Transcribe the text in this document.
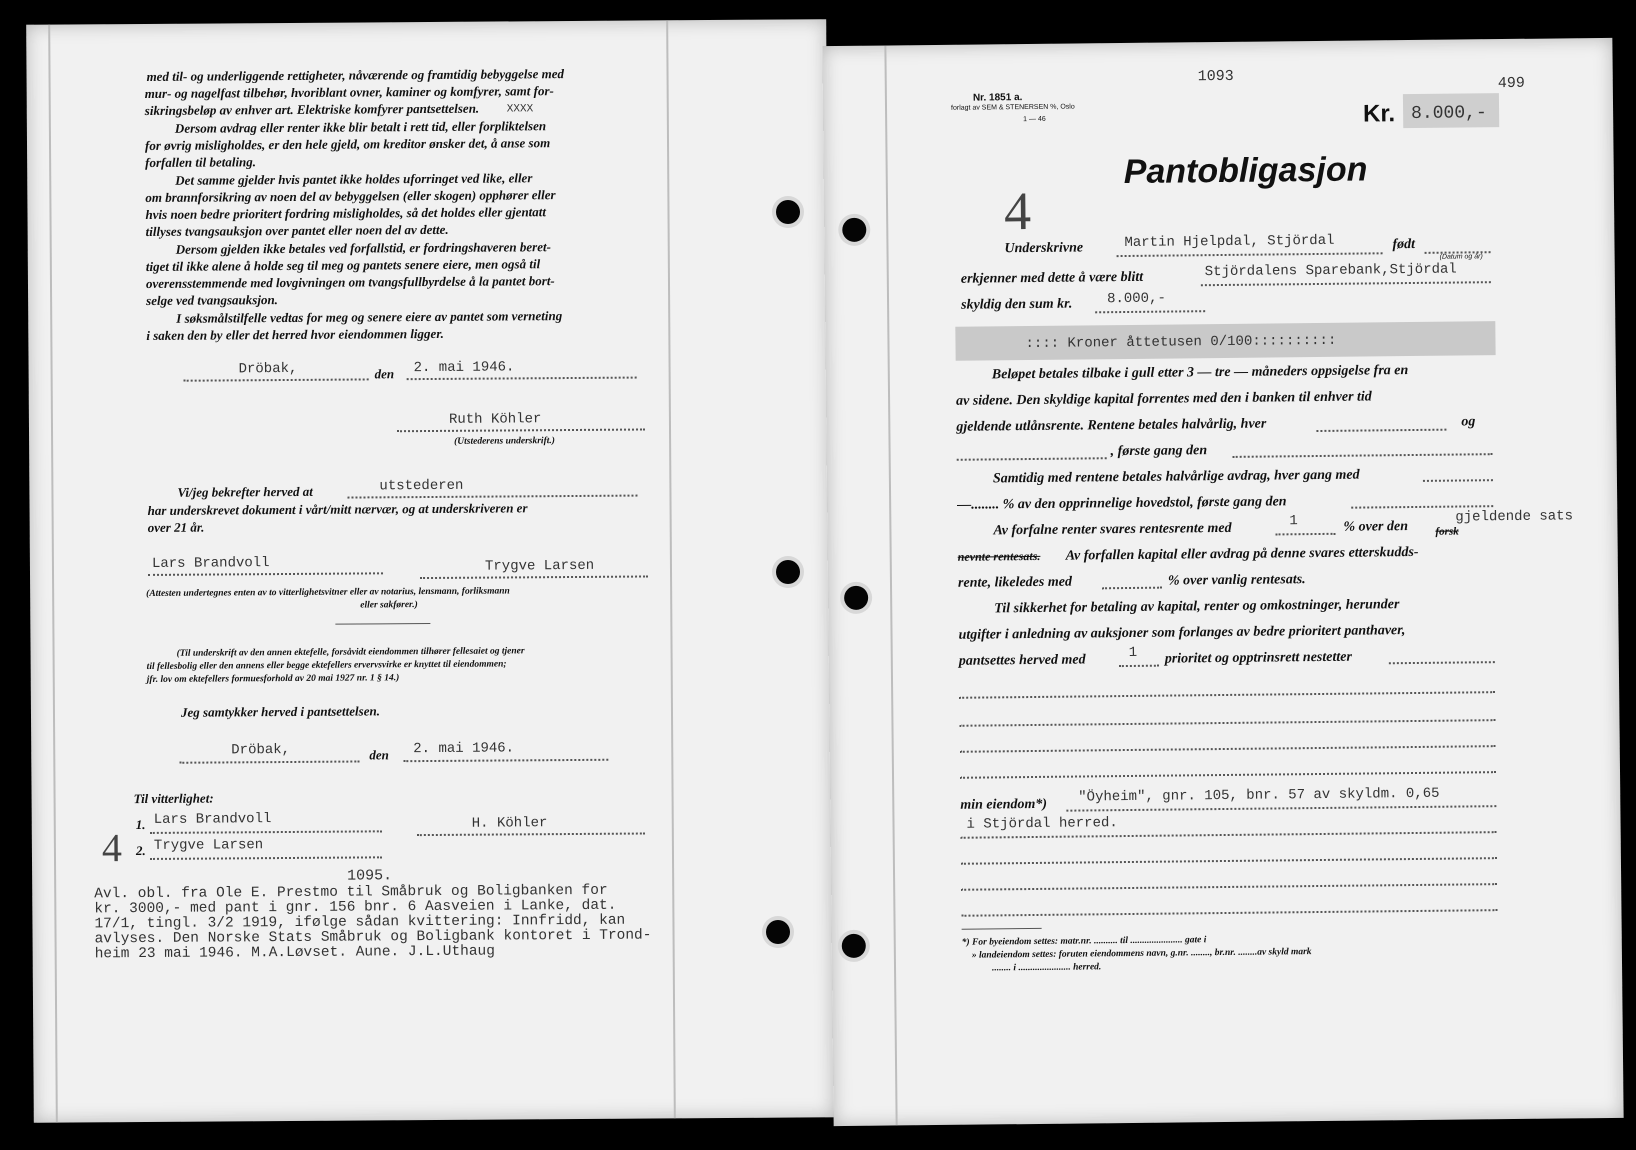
med til- og underliggende rettigheter, nåværende og framtidig bebyggelse med
mur- og nagelfast tilbehør, hvoriblant ovner, kaminer og komfyrer, samt for-
sikringsbeløp av enhver art. Elektriske komfyrer pantsettelsen.	XXXX
Dersom avdrag eller renter ikke blir betalt i rett tid, eller forpliktelsen
for øvrig misligholdes, er den hele gjeld, om kreditor ønsker det, å anse som
forfallen til betaling.
Det samme gjelder hvis pantet ikke holdes uforringet ved like, eller
om brannforsikring av noen del av bebyggelsen (eller skogen) opphører eller
hvis noen bedre prioritert fordring misligholdes, så det holdes eller gjentatt
tillyses tvangsauksjon over pantet eller noen del av dette.
Dersom gjelden ikke betales ved forfallstid, er fordringshaveren beret-
tiget til ikke alene å holde seg til meg og pantets senere eiere, men også til
overensstemmende med lovgivningen om tvangsfullbyrdelse å la pantet bort-
selge ved tvangsauksjon.
I søksmålstilfelle vedtas for meg og senere eiere av pantet som verneting
i saken den by eller det herred hvor eiendommen ligger.
Dröbak,	den 2. mai 1946.
Ruth Köhler
(Utstederens underskrift.)
Vi/jeg bekrefter herved at	utstederen
har underskrevet dokument i vårt/mitt nærvær, og at underskriveren er
over 21 år.
Lars Brandvoll	Trygve Larsen
(Attesten undertegnes enten av to vitterlighetsvitner eller av notarius, lensmann, forliksmann
eller sakfører.)
(Til underskrift av den annen ektefelle, forsåvidt eiendommen tilhører fellesaiet og tjener
til fellesbolig eller den annens eller begge ektefellers ervervsvirke er knyttet til eiendommen;
jfr. lov om ektefellers formuesforhold av 20 mai 1927 nr. 1 § 14.)
Jeg samtykker herved i pantsettelsen.
Dröbak,	den 2. mai 1946.
Til vitterlighet:
1. Lars Brandvoll	H. Köhler
2. Trygve Larsen
4
1095.
Avl. obl. fra Ole E. Prestmo til Småbruk og Boligbanken for
kr. 3000,- med pant i gnr. 156 bnr. 6 Aasveien i Lanke, dat.
17/1, tingl. 3/2 1919, ifølge sådan kvittering: Innfridd, kan
avlyses. Den Norske Stats Småbruk og Boligbank kontoret i Trond-
heim 23 mai 1946. M.A.Løvset. Aune. J.L.Uthaug
Nr. 1851 a.
forlagt av SEM & STENERSEN %, Oslo
1 — 46
1093	499
Kr. 8.000,-
Pantobligasjon
4
Underskrivne	Martin Hjelpdal, Stjördal	født
(Datum og år)
erkjenner med dette å være blitt	Stjördalens Sparebank,Stjördal
skyldig den sum kr. 8.000,-
:::: Kroner åttetusen 0/100::::::::::
Beløpet betales tilbake i gull etter 3 — tre — måneders oppsigelse fra en
av sidene. Den skyldige kapital forrentes med den i banken til enhver tid
gjeldende utlånsrente. Rentene betales halvårlig, hver	og
, første gang den
Samtidig med rentene betales halvårlige avdrag, hver gang med
—........ % av den opprinnelige hovedstol, første gang den
Av forfalne renter svares rentesrente med	1	% over den forsk
gjeldende sats
nevnte rentesats. Av forfallen kapital eller avdrag på denne svares etterskudds-
rente, likeledes med	% over vanlig rentesats.
Til sikkerhet for betaling av kapital, renter og omkostninger, herunder
utgifter i anledning av auksjoner som forlanges av bedre prioritert panthaver,
pantsettes herved med	1 prioritet og opptrinsrett nestetter
min eiendom*) "Öyheim", gnr. 105, bnr. 57 av skyldm. 0,65
i Stjördal herred.
*) For byeiendom settes: matr.nr. .......... til ...................... gate i
» landeiendom settes: foruten eiendommens navn, g.nr. ........, br.nr. ........av skyld mark
........ i ...................... herred.
